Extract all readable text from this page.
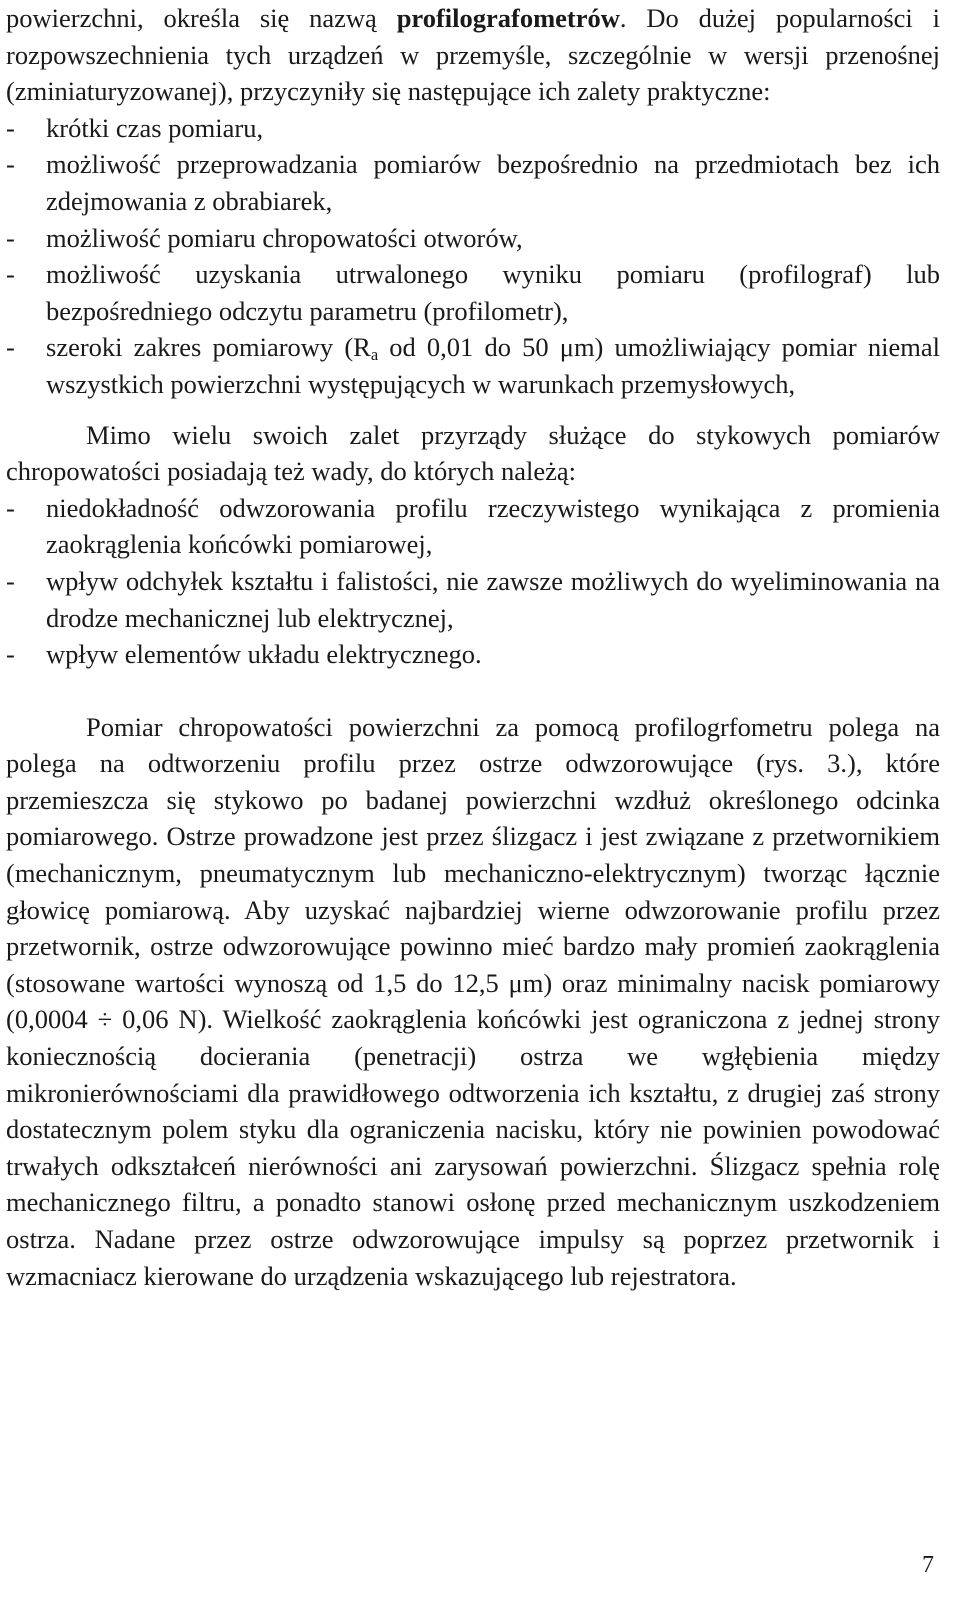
powierzchni, określa się nazwą profilografometrów. Do dużej popularności i rozpowszechnienia tych urządzeń w przemyśle, szczególnie w wersji przenośnej (zminiaturyzowanej), przyczyniły się następujące ich zalety praktyczne:

- krótki czas pomiaru,

- możliwość przeprowadzania pomiarów bezpośrednio na przedmiotach bez ich zdejmowania z obrabiarek,

- możliwość pomiaru chropowatości otworów,

- możliwość uzyskania utrwalonego wyniku pomiaru (profilograf) lub bezpośredniego odczytu parametru (profilometr),

- szeroki zakres pomiarowy ($R_a$ od 0,01 do 50 μm) umożliwiający pomiar niemal wszystkich powierzchni występujących w warunkach przemysłowych,

Mimo wielu swoich zalet przyrządy służące do stykowych pomiarów chropowatości posiadają też wady, do których należą:

- niedokładność odwzorowania profilu rzeczywistego wynikająca z promienia zaokrąglenia końcówki pomiarowej,

- wpływ odchyłek kształtu i falistości, nie zawsze możliwych do wyeliminowania na drodze mechanicznej lub elektrycznej,

- wpływ elementów układu elektrycznego.

Pomiar chropowatości powierzchni za pomocą profilogrfometru polega na polega na odtworzeniu profilu przez ostrze odwzorowujące (rys. 3.), które przemieszcza się stykowo po badanej powierzchni wzdłuż określonego odcinka pomiarowego. Ostrze prowadzone jest przez ślizgacz i jest związane z przetwornikiem (mechanicznym, pneumatycznym lub mechaniczno-elektrycznym) tworząc łącznie głowicę pomiarową. Aby uzyskać najbardziej wierne odwzorowanie profilu przez przetwornik, ostrze odwzorowujące powinno mieć bardzo mały promień zaokrąglenia (stosowane wartości wynoszą od 1,5 do 12,5 μm) oraz minimalny nacisk pomiarowy (0,0004 ÷ 0,06 N). Wielkość zaokrąglenia końcówki jest ograniczona z jednej strony koniecznością docierania (penetracji) ostrza we wgłębienia między mikronierównościami dla prawidłowego odtworzenia ich kształtu, z drugiej zaś strony dostatecznym polem styku dla ograniczenia nacisku, który nie powinien powodować trwałych odkształceń nierówności ani zarysowań powierzchni. Ślizgacz spełnia rolę mechanicznego filtru, a ponadto stanowi osłonę przed mechanicznym uszkodzeniem ostrza. Nadane przez ostrze odwzorowujące impulsy są poprzez przetwornik i wzmacniacz kierowane do urządzenia wskazującego lub rejestratora.

7
